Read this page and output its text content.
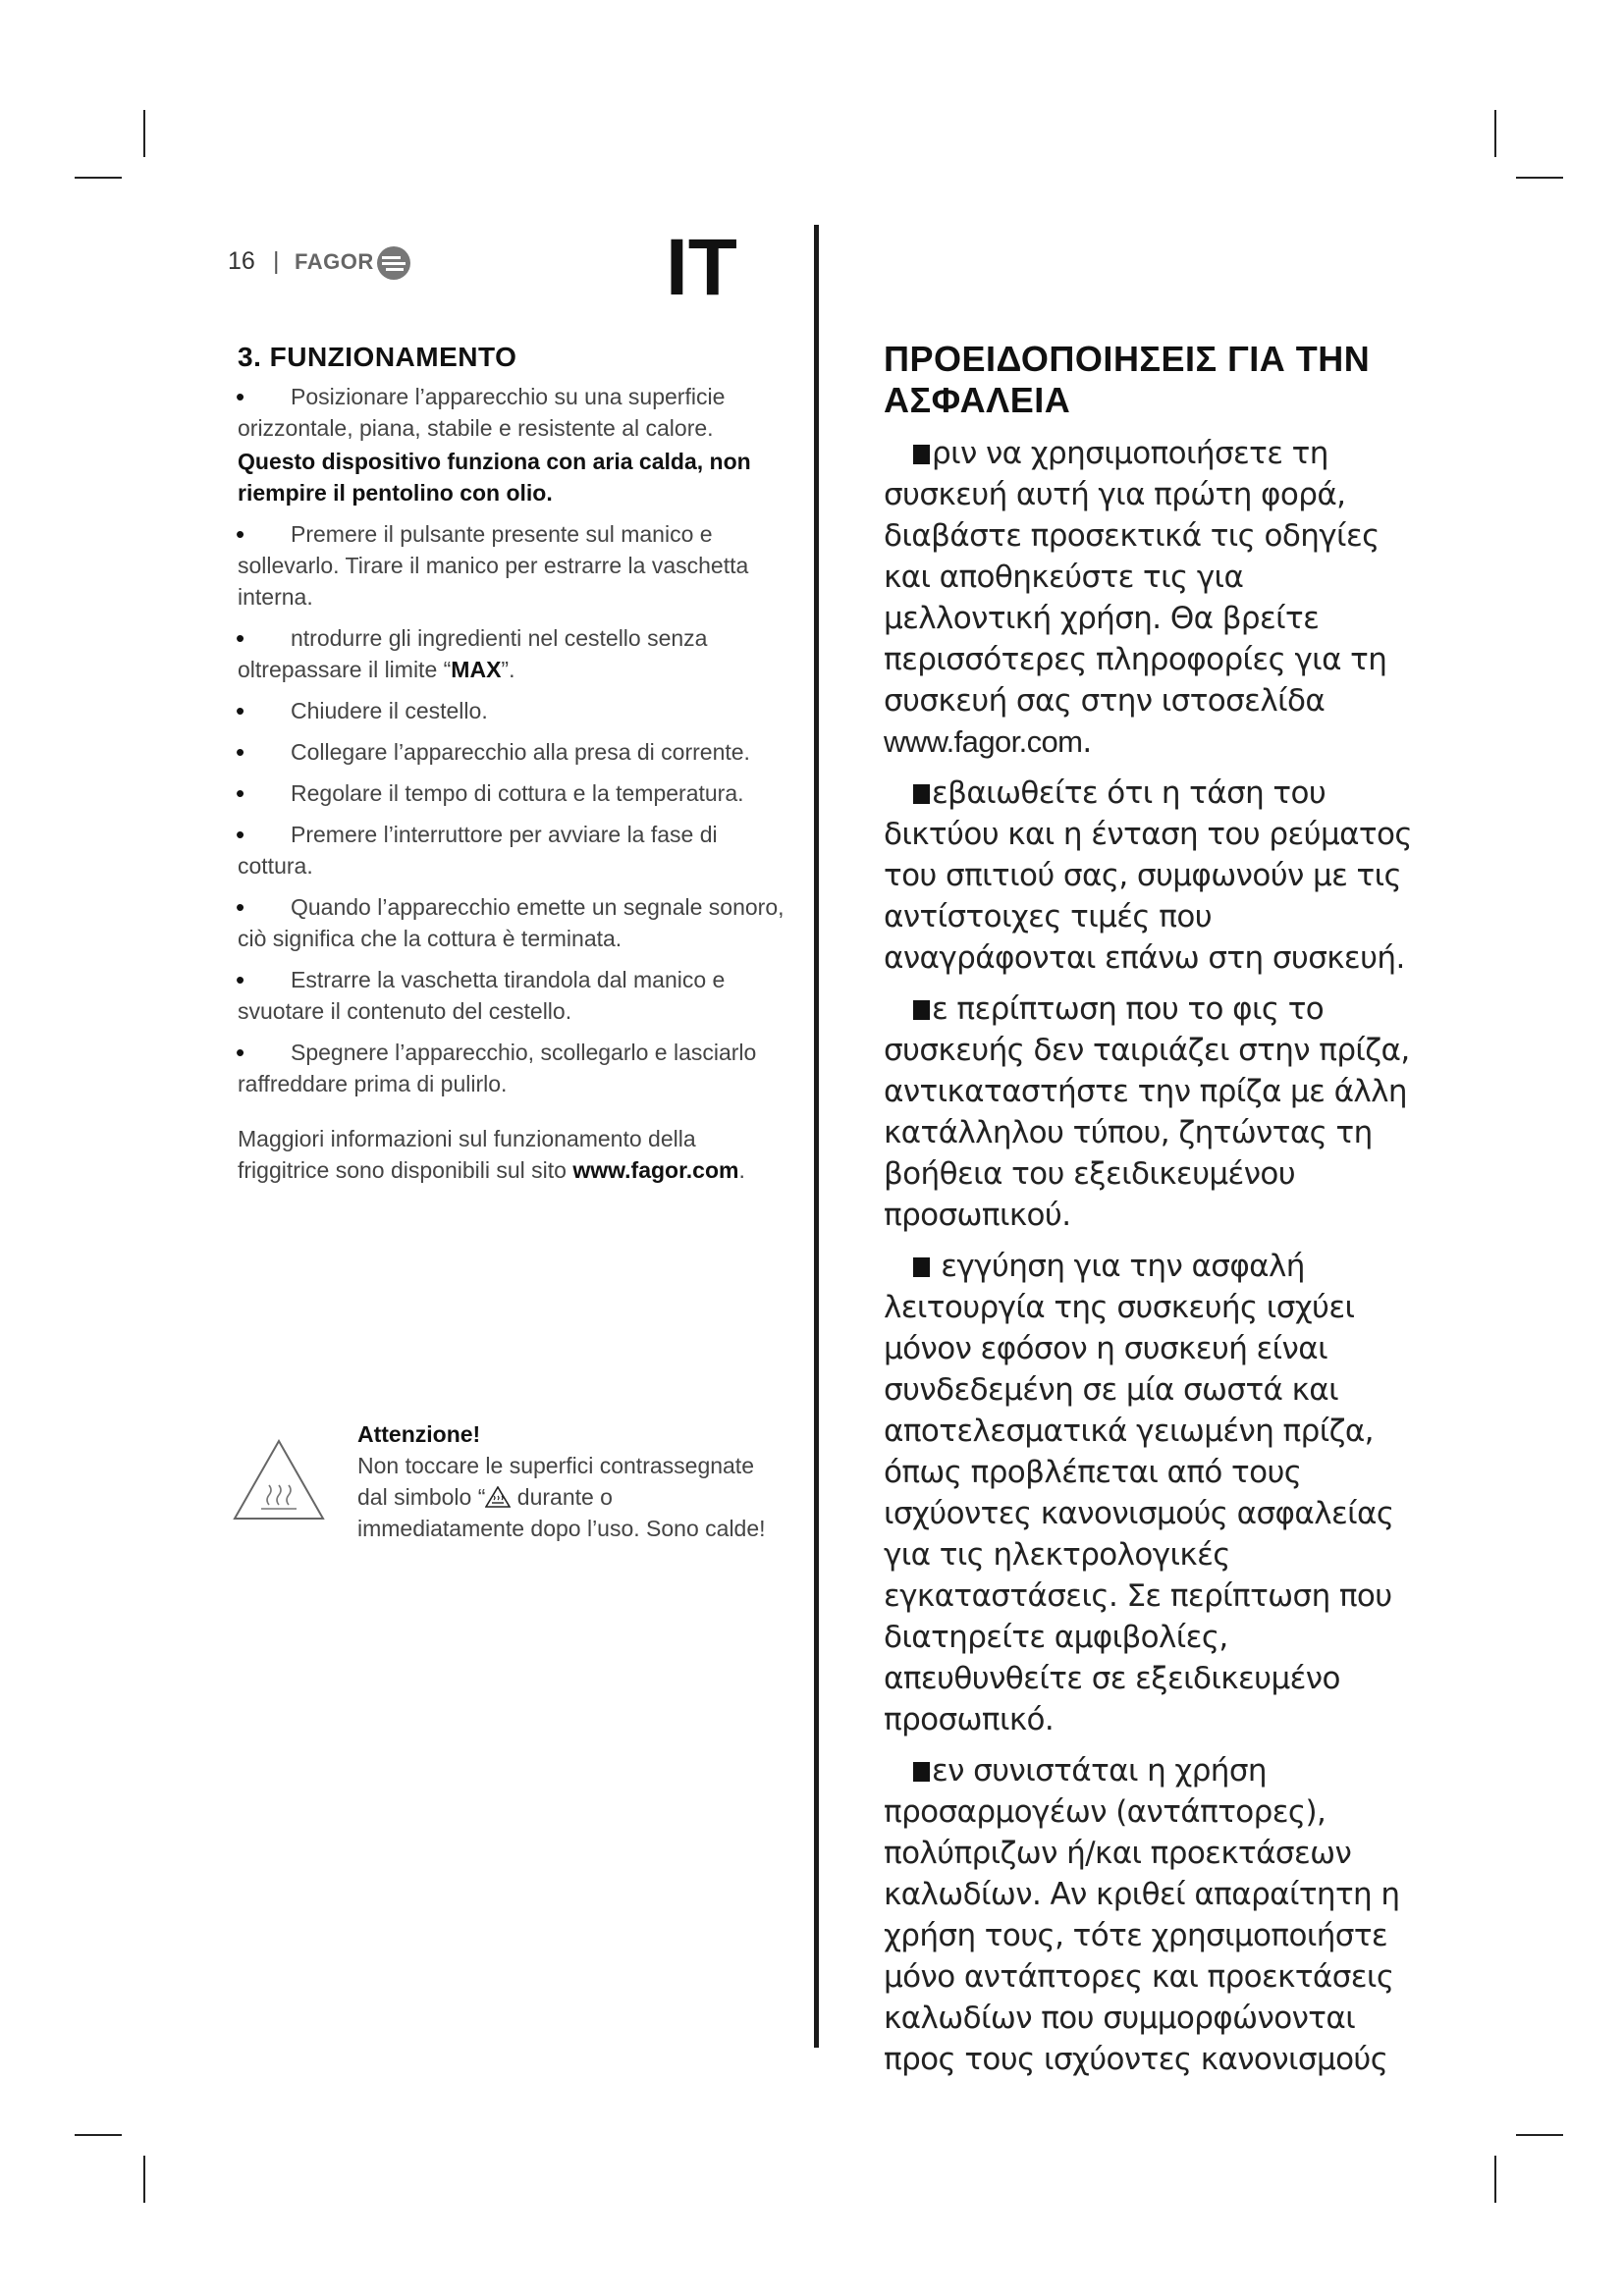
16 | FAGOR	IT
3. FUNZIONAMENTO
• Posizionare l’apparecchio su una superficie orizzontale, piana, stabile e resistente al calore.
Questo dispositivo funziona con aria calda, non riempire il pentolino con olio.
• Premere il pulsante presente sul manico e sollevarlo. Tirare il manico per estrarre la vaschetta interna.
• ntrodurre gli ingredienti nel cestello senza oltrepassare il limite “MAX”.
• Chiudere il cestello.
• Collegare l’apparecchio alla presa di corrente.
• Regolare il tempo di cottura e la temperatura.
• Premere l’interruttore per avviare la fase di cottura.
• Quando l’apparecchio emette un segnale sonoro, ciò significa che la cottura è terminata.
• Estrarre la vaschetta tirandola dal manico e svuotare il contenuto del cestello.
• Spegnere l’apparecchio, scollegarlo e lasciarlo raffreddare prima di pulirlo.

Maggiori informazioni sul funzionamento della friggitrice sono disponibili sul sito www.fagor.com.

Attenzione!
Non toccare le superfici contrassegnate dal simbolo “ durante o immediatamente dopo l’uso. Sono calde!
ΠΡΟΕΙΔΟΠΟΙΗΣΕΙΣ ΓΙΑ ΤΗΝ ΑΣΦΑΛΕΙΑ

ριν να χρησιμοποιήσετε τη συσκευή αυτή για πρώτη φορά, διαβάστε προσεκτικά τις οδηγίες και αποθηκεύστε τις για μελλοντική χρήση. Θα βρείτε περισσότερες πληροφορίες για τη συσκευή σας στην ιστοσελίδα www.fagor.com.

εβαιωθείτε ότι η τάση του δικτύου και η ένταση του ρεύματος του σπιτιού σας, συμφωνούν με τις αντίστοιχες τιμές που αναγράφονται επάνω στη συσκευή.

ε περίπτωση που το φις το συσκευής δεν ταιριάζει στην πρίζα, αντικαταστήστε την πρίζα με άλλη κατάλληλου τύπου, ζητώντας τη βοήθεια του εξειδικευμένου προσωπικού.

εγγύηση για την ασφαλή λειτουργία της συσκευής ισχύει μόνον εφόσον η συσκευή είναι συνδεδεμένη σε μία σωστά και αποτελεσματικά γειωμένη πρίζα, όπως προβλέπεται από τους ισχύοντες κανονισμούς ασφαλείας για τις ηλεκτρολογικές εγκαταστάσεις. Σε περίπτωση που διατηρείτε αμφιβολίες, απευθυνθείτε σε εξειδικευμένο προσωπικό.

εν συνιστάται η χρήση προσαρμογέων (αντάπτορες), πολύπριζων ή/και προεκτάσεων καλωδίων. Αν κριθεί απαραίτητη η χρήση τους, τότε χρησιμοποιήστε μόνο αντάπτορες και προεκτάσεις καλωδίων που συμμορφώνονται προς τους ισχύοντες κανονισμούς
